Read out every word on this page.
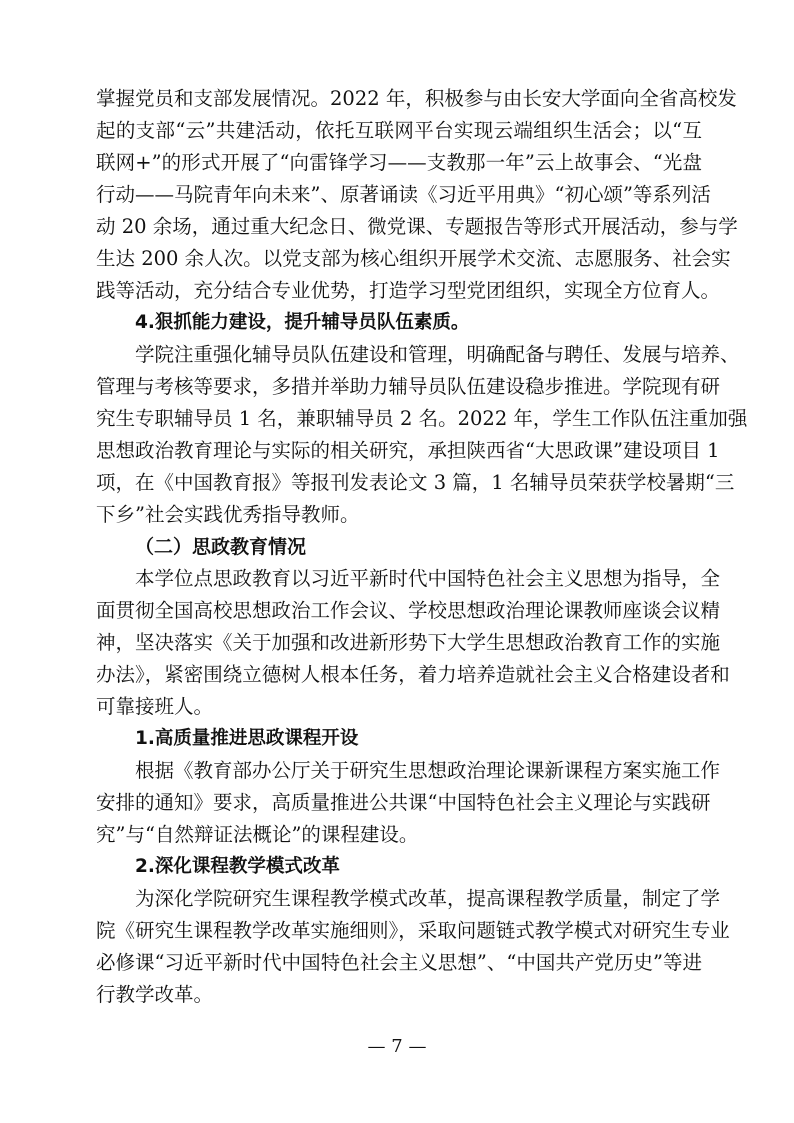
掌握党员和支部发展情况。2022 年，积极参与由长安大学面向全省高校发
起的支部“云”共建活动，依托互联网平台实现云端组织生活会；以“互
联网+”的形式开展了“向雷锋学习——支教那一年”云上故事会、“光盘
行动——马院青年向未来”、原著诵读《习近平用典》“初心颂”等系列活
动 20 余场，通过重大纪念日、微党课、专题报告等形式开展活动，参与学
生达 200 余人次。以党支部为核心组织开展学术交流、志愿服务、社会实
践等活动，充分结合专业优势，打造学习型党团组织，实现全方位育人。
4.狠抓能力建设，提升辅导员队伍素质。
学院注重强化辅导员队伍建设和管理，明确配备与聘任、发展与培养、
管理与考核等要求，多措并举助力辅导员队伍建设稳步推进。学院现有研
究生专职辅导员 1 名，兼职辅导员 2 名。2022 年，学生工作队伍注重加强
思想政治教育理论与实际的相关研究，承担陕西省“大思政课”建设项目 1
项，在《中国教育报》等报刊发表论文 3 篇，1 名辅导员荣获学校暑期“三
下乡”社会实践优秀指导教师。
（二）思政教育情况
本学位点思政教育以习近平新时代中国特色社会主义思想为指导，全
面贯彻全国高校思想政治工作会议、学校思想政治理论课教师座谈会议精
神，坚决落实《关于加强和改进新形势下大学生思想政治教育工作的实施
办法》，紧密围绕立德树人根本任务，着力培养造就社会主义合格建设者和
可靠接班人。
1.高质量推进思政课程开设
根据《教育部办公厅关于研究生思想政治理论课新课程方案实施工作
安排的通知》要求，高质量推进公共课“中国特色社会主义理论与实践研
究”与“自然辩证法概论”的课程建设。
2.深化课程教学模式改革
为深化学院研究生课程教学模式改革，提高课程教学质量，制定了学
院《研究生课程教学改革实施细则》，采取问题链式教学模式对研究生专业
必修课“习近平新时代中国特色社会主义思想”、“中国共产党历史”等进
行教学改革。
— 7 —
